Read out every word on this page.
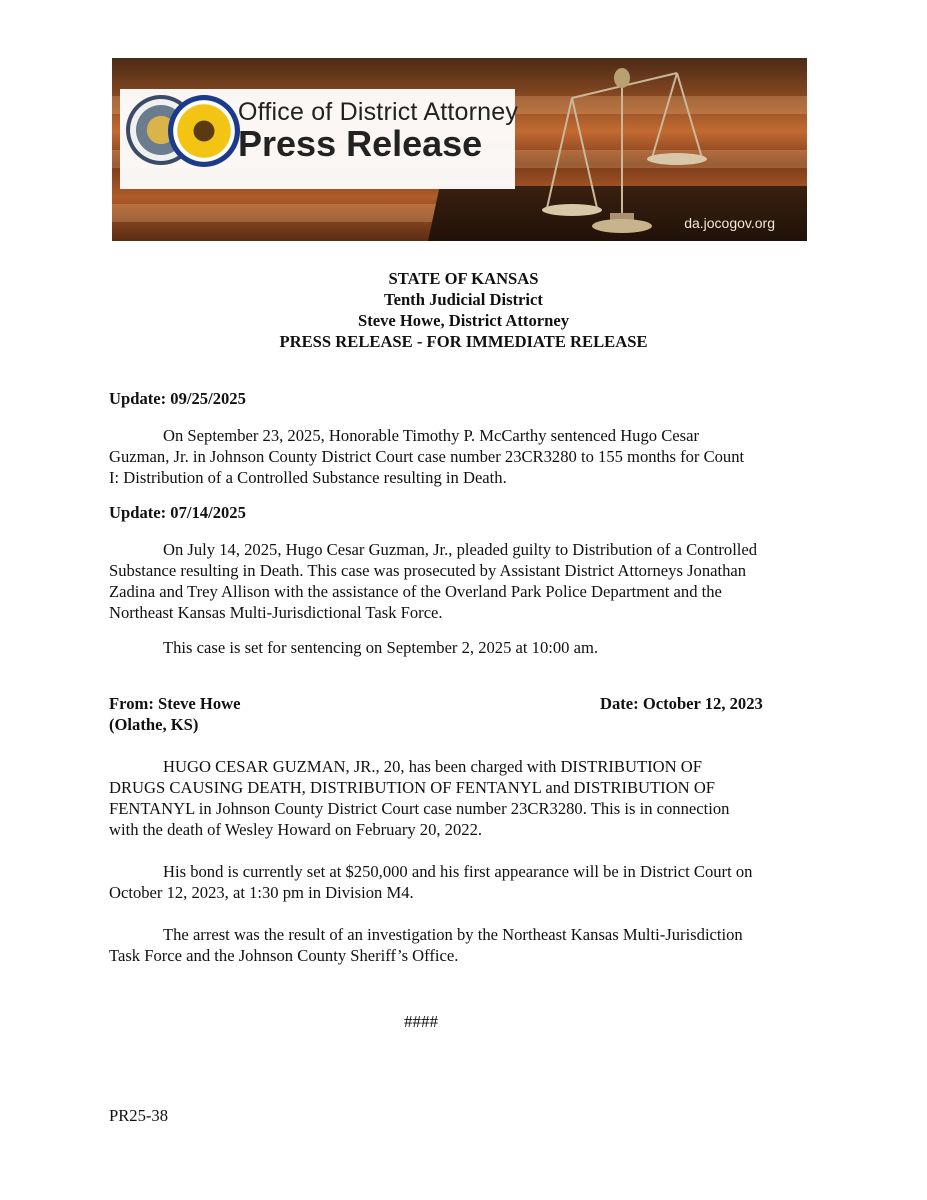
Office of District Attorney
Press Release
da.jocogov.org
STATE OF KANSAS
Tenth Judicial District
Steve Howe, District Attorney
PRESS RELEASE - FOR IMMEDIATE RELEASE
Update: 09/25/2025
On September 23, 2025, Honorable Timothy P. McCarthy sentenced Hugo Cesar
Guzman, Jr. in Johnson County District Court case number 23CR3280 to 155 months for Count
I: Distribution of a Controlled Substance resulting in Death.
Update: 07/14/2025
On July 14, 2025, Hugo Cesar Guzman, Jr., pleaded guilty to Distribution of a Controlled
Substance resulting in Death. This case was prosecuted by Assistant District Attorneys Jonathan
Zadina and Trey Allison with the assistance of the Overland Park Police Department and the
Northeast Kansas Multi-Jurisdictional Task Force.
This case is set for sentencing on September 2, 2025 at 10:00 am.
From: Steve Howe	Date: October 12, 2023
(Olathe, KS)
HUGO CESAR GUZMAN, JR., 20, has been charged with DISTRIBUTION OF
DRUGS CAUSING DEATH, DISTRIBUTION OF FENTANYL and DISTRIBUTION OF
FENTANYL in Johnson County District Court case number 23CR3280. This is in connection
with the death of Wesley Howard on February 20, 2022.
His bond is currently set at $250,000 and his first appearance will be in District Court on
October 12, 2023, at 1:30 pm in Division M4.
The arrest was the result of an investigation by the Northeast Kansas Multi-Jurisdiction
Task Force and the Johnson County Sheriff’s Office.
####
PR25-38
